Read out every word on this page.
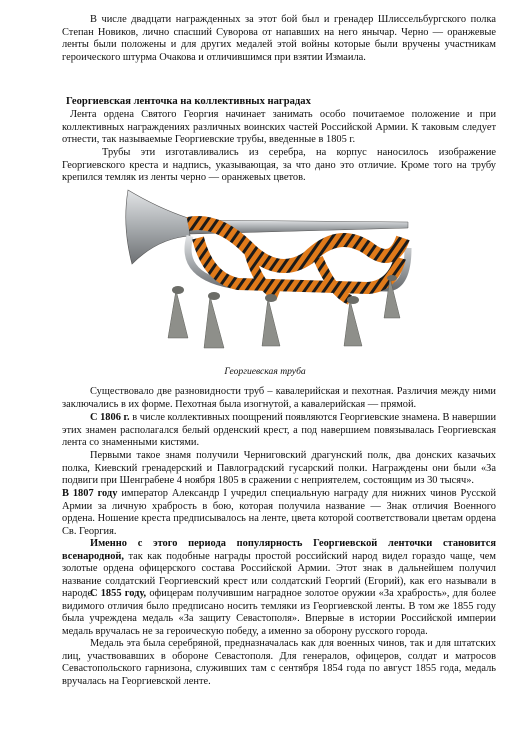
В числе двадцати награжденных за этот бой был и гренадер Шлиссельбургского полка Степан Новиков, лично спасший Суворова от напавших на него янычар. Черно — оранжевые ленты были положены и для других медалей этой войны которые были вручены участникам героического штурма Очакова и отличившимся при взятии Измаила.

Георгиевская ленточка на коллективных наградах

Лента ордена Святого Георгия начинает занимать особо почитаемое положение и при коллективных награждениях различных воинских частей Российской Армии. К таковым следует отнести, так называемые Георгиевские трубы, введенные в 1805 г.

Трубы эти изготавливались из серебра, на корпус наносилось изображение Георгиевского креста и надпись, указывающая, за что дано это отличие. Кроме того на трубу крепился темляк из ленты черно — оранжевых цветов.

Георгиевская труба

Существовало две разновидности труб – кавалерийская и пехотная. Различия между ними заключались в их форме. Пехотная была изогнутой, а кавалерийская — прямой.

С 1806 г. в числе коллективных поощрений появляются Георгиевские знамена. В навершии этих знамен располагался белый орденский крест, а под навершием повязывалась Георгиевская лента со знаменными кистями.

Первыми такое знамя получили Черниговский драгунский полк, два донских казачьих полка, Киевский гренадерский и Павлоградский гусарский полки. Награждены они были «За подвиги при Шенграбене 4 ноября 1805 в сражении с неприятелем, состоящим из 30 тысяч».

В 1807 году император Александр I учредил специальную награду для нижних чинов Русской Армии за личную храбрость в бою, которая получила название — Знак отличия Военного ордена. Ношение креста предписывалось на ленте, цвета которой соответствовали цветам ордена Св. Георгия.

Именно с этого периода популярность Георгиевской ленточки становится всенародной, так как подобные награды простой российский народ видел гораздо чаще, чем золотые ордена офицерского состава Российской Армии. Этот знак в дальнейшем получил название солдатский Георгиевский крест или солдатский Георгий (Егорий), как его называли в народе.

С 1855 году, офицерам получившим наградное золотое оружии «За храбрость», для более видимого отличия было предписано носить темляки из Георгиевской ленты. В том же 1855 году была учреждена медаль «За защиту Севастополя». Впервые в истории Российской империи медаль вручалась не за героическую победу, а именно за оборону русского города.

Медаль эта была серебряной, предназначалась как для военных чинов, так и для штатских лиц, участвовавших в обороне Севастополя. Для генералов, офицеров, солдат и матросов Севастопольского гарнизона, служивших там с сентября 1854 года по август 1855 года, медаль вручалась на Георгиевской ленте.
